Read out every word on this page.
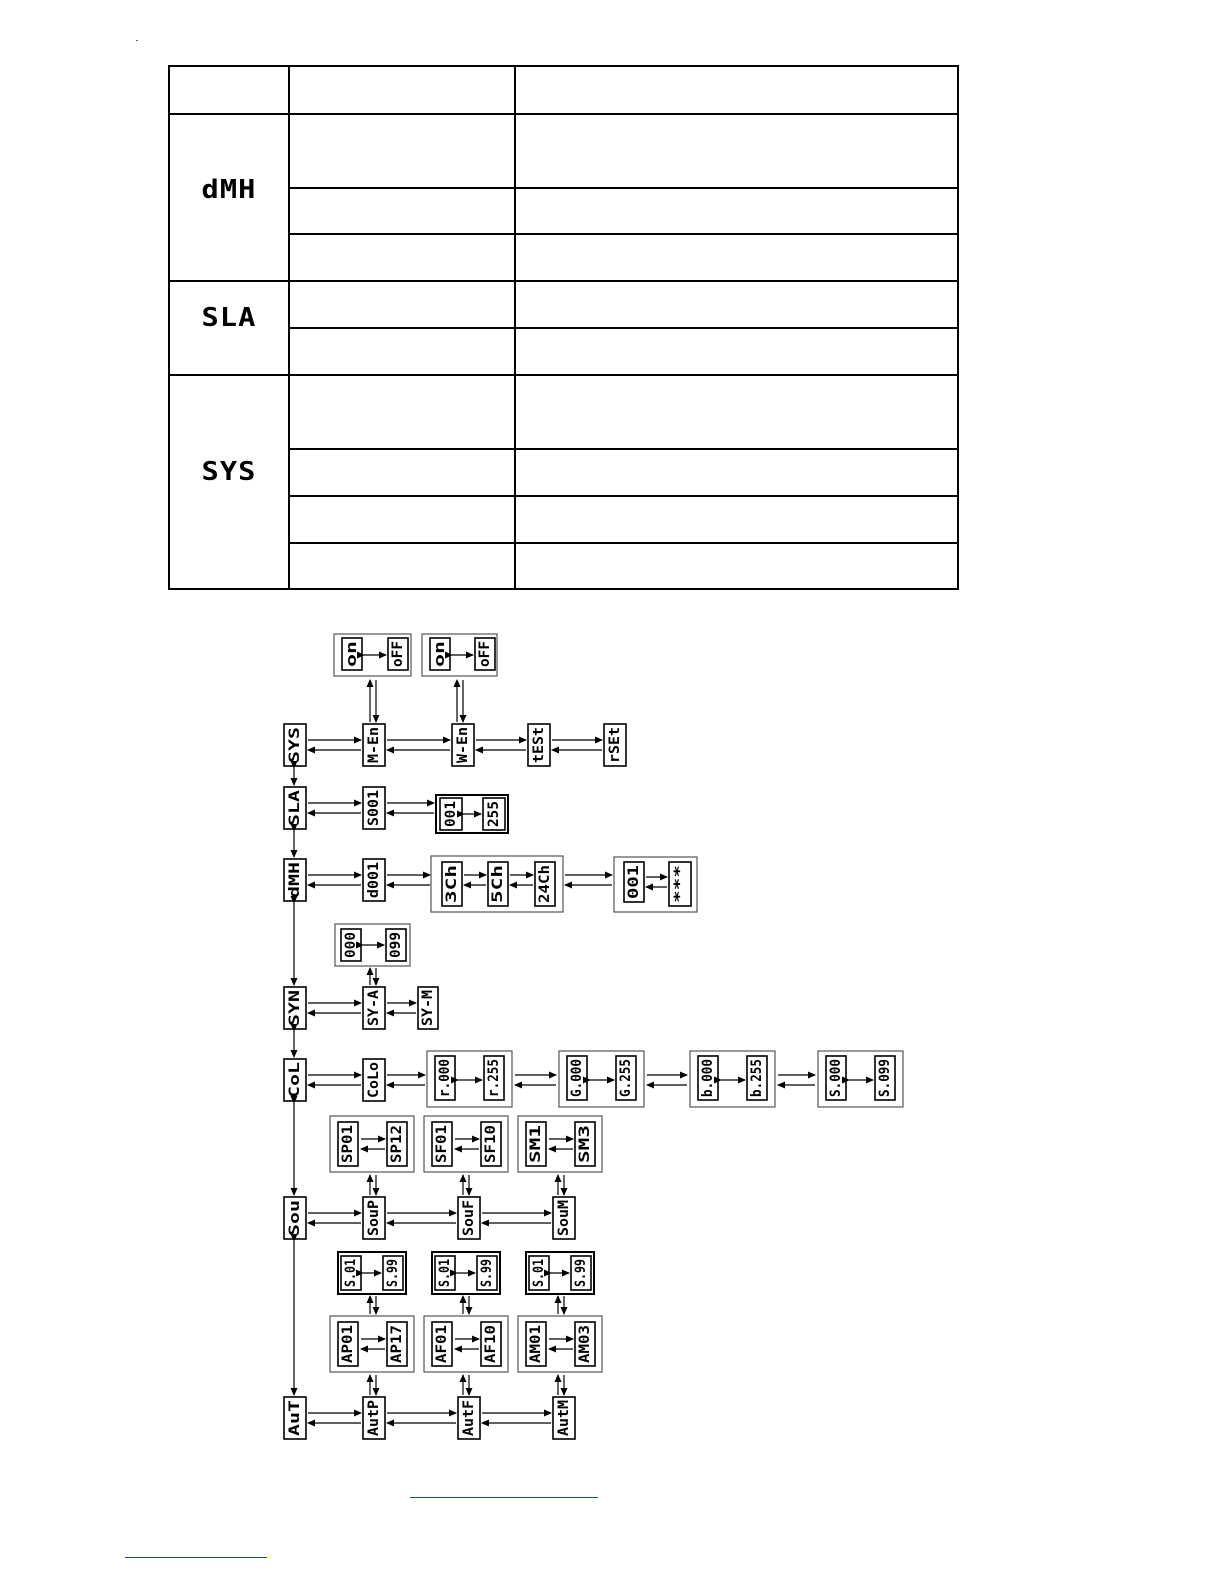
dMH
SLA
SYS
SYS
SLA
dMH
SYN
CoL
Sou
AuT
M-En	W-En	tESt	rSEt
on oFF on oFF
S001	001 255
d001	3Ch 5Ch 24Ch	001 ***
SY-A	SY-M
000 099
CoLo	r.000 r.255	G.000 G.255	b.000 b.255	S.000 S.099
SouP	SouF	SouM
SP01 SP12 SF01 SF10 SM1 SM3
AutP	AutF	AutM
AP01 AP17
S.01 S.99
AF01 AF10
S.01 S.99
AM01 AM03
S.01 S.99
